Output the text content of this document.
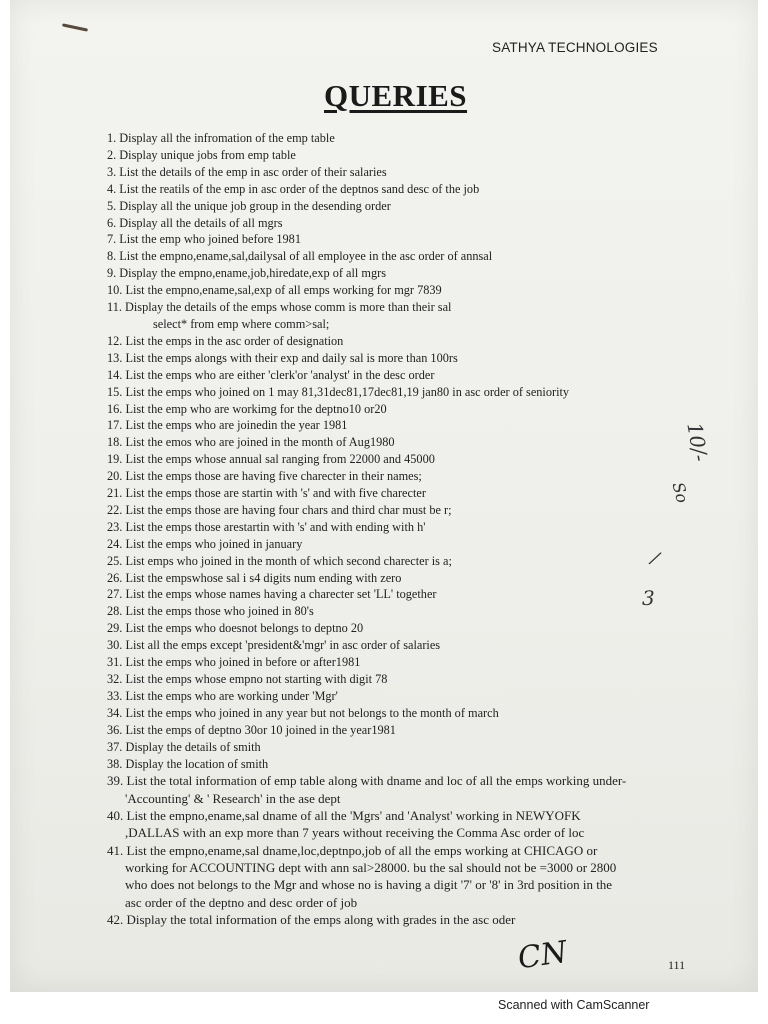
SATHYA TECHNOLOGIES
QUERIES
1. Display all the infromation of the emp table
2. Display unique jobs from emp table
3. List the details of the emp in asc order of their salaries
4. List the reatils of the emp in asc order of the deptnos sand desc of the job
5. Display all the unique job group in the desending order
6. Display all the details of all mgrs
7. List the emp who joined before 1981
8. List the empno,ename,sal,dailysal of all employee in the asc order of annsal
9. Display the empno,ename,job,hiredate,exp of all mgrs
10. List the empno,ename,sal,exp of all emps working for mgr 7839
11. Display the details of the emps whose comm is more than their sal
select* from emp where comm>sal;
12. List the emps in the asc order of designation
13. List the emps alongs with their exp and daily sal is more than 100rs
14. List the emps who are either 'clerk'or 'analyst' in the desc order
15. List the emps who joined on 1 may 81,31dec81,17dec81,19 jan80 in asc order of seniority
16. List the emp who are workimg for the deptno10 or20
17. List the emps who are joinedin the year 1981
18. List the emos who are joined in the month of Aug1980
19. List the emps whose annual sal ranging from 22000 and 45000
20. List the emps those are having five charecter in their names;
21. List the emps those are startin with 's' and with five charecter
22. List the emps those are having four chars and third char must be r;
23. List the emps those arestartin with 's' and with ending with h'
24. List the emps who joined in january
25. List emps who joined in the month of which second charecter is a;
26. List the empswhose sal i s4 digits num ending with zero
27. List the emps whose names having a charecter set 'LL' together
28. List the emps those who joined in 80's
29. List the emps who doesnot belongs to deptno 20
30. List all the emps except 'president&'mgr' in asc order of salaries
31. List the emps who joined in before or after1981
32. List the emps whose empno not starting with digit 78
33. List the emps who are working under 'Mgr'
34. List the emps who joined in any year but not belongs to the month of march
36. List the emps of deptno 30or 10 joined in the year1981
37. Display the details of smith
38. Display the location of smith
39. List the total information of emp table along with dname and loc of all the emps working under-
'Accounting' & ' Research' in the ase dept
40. List the empno,ename,sal dname of all the 'Mgrs' and 'Analyst' working in NEWYOFK
,DALLAS with an exp more than 7 years without receiving the Comma Asc order of loc
41. List the empno,ename,sal dname,loc,deptnpo,job of all the emps working at CHICAGO or
working for ACCOUNTING dept with ann sal>28000. bu the sal should not be =3000 or 2800
who does not belongs to the Mgr and whose no is having a digit '7' or '8' in 3rd position in the
asc order of the deptno and desc order of job
42. Display the total information of the emps along with grades in the asc oder
10/-
So
/
3
CN	111
Scanned with CamScanner
